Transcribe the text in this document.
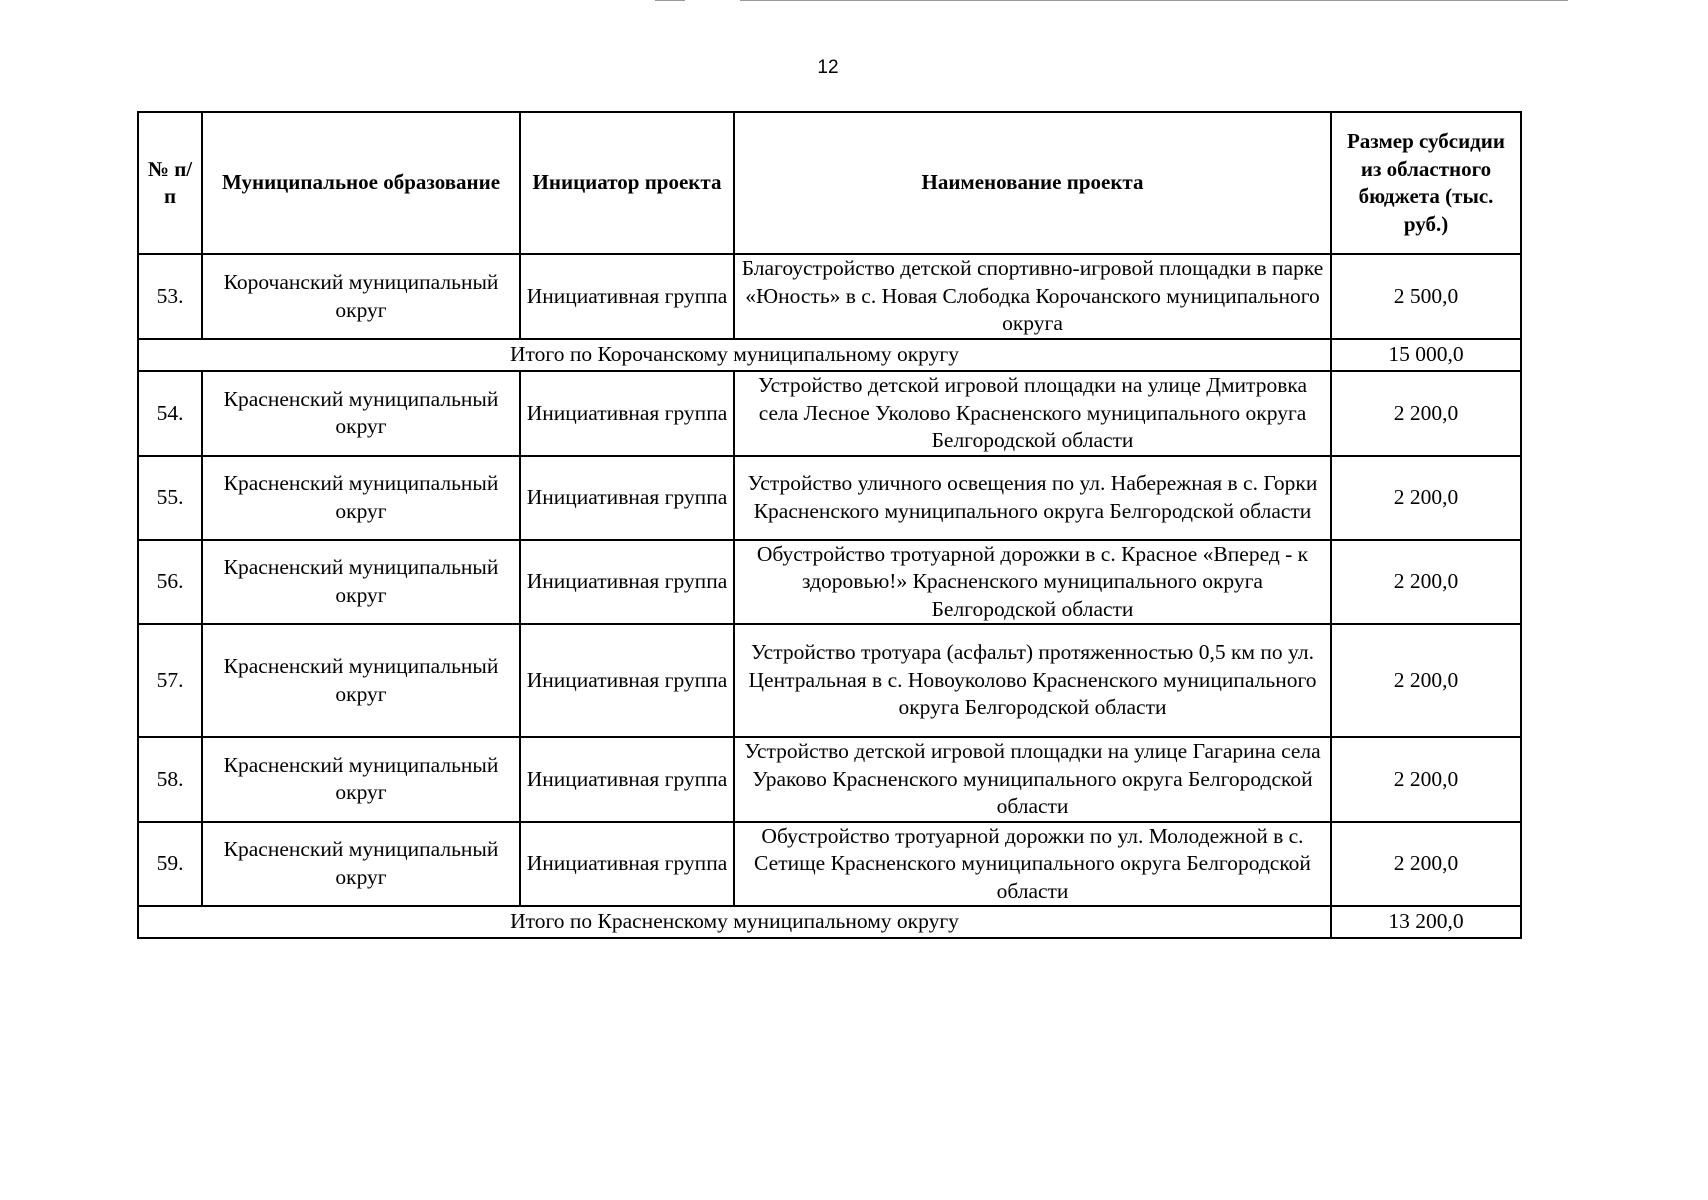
12
№ п/п	Муниципальное образование	Инициатор проекта	Наименование проекта	Размер субсидии из областного бюджета (тыс. руб.)
53.	Корочанский муниципальный округ	Инициативная группа	Благоустройство детской спортивно-игровой площадки в парке «Юность» в с. Новая Слободка Корочанского муниципального округа	2 500,0
Итого по Корочанскому муниципальному округу				15 000,0
54.	Красненский муниципальный округ	Инициативная группа	Устройство детской игровой площадки на улице Дмитровка села Лесное Уколово Красненского муниципального округа Белгородской области	2 200,0
55.	Красненский муниципальный округ	Инициативная группа	Устройство уличного освещения по ул. Набережная в с. Горки Красненского муниципального округа Белгородской области	2 200,0
56.	Красненский муниципальный округ	Инициативная группа	Обустройство тротуарной дорожки в с. Красное «Вперед - к здоровью!» Красненского муниципального округа Белгородской области	2 200,0
57.	Красненский муниципальный округ	Инициативная группа	Устройство тротуара (асфальт) протяженностью 0,5 км по ул. Центральная в с. Новоуколово Красненского муниципального округа Белгородской области	2 200,0
58.	Красненский муниципальный округ	Инициативная группа	Устройство детской игровой площадки на улице Гагарина села Ураково Красненского муниципального округа Белгородской области	2 200,0
59.	Красненский муниципальный округ	Инициативная группа	Обустройство тротуарной дорожки по ул. Молодежной в с. Сетище Красненского муниципального округа Белгородской области	2 200,0
Итого по Красненскому муниципальному округу				13 200,0
